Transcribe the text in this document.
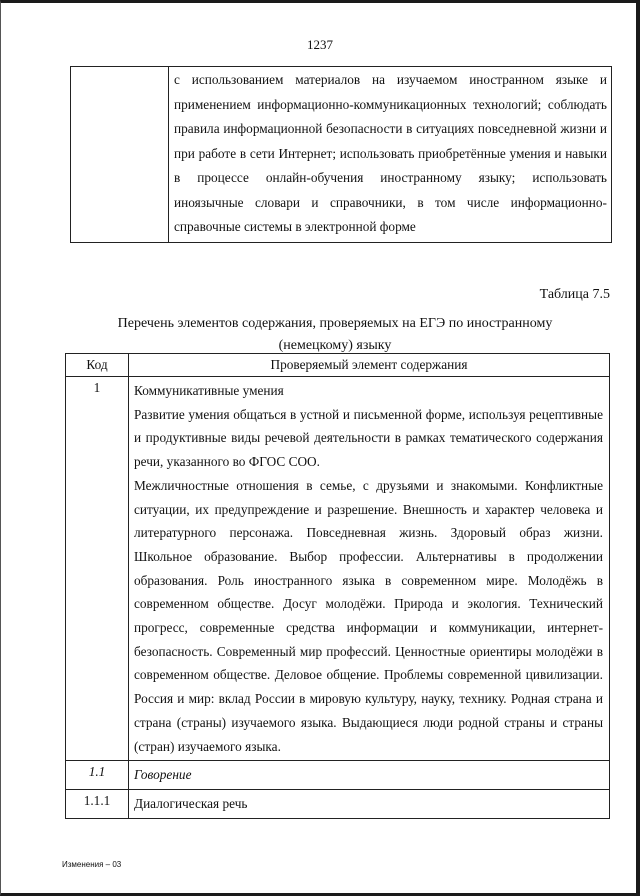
1237
	с использованием материалов на изучаемом иностранном языке и применением информационно-коммуникационных технологий; соблюдать правила информационной безопасности в ситуациях повседневной жизни и при работе в сети Интернет; использовать приобретённые умения и навыки в процессе онлайн-обучения иностранному языку; использовать иноязычные словари и справочники, в том числе информационно-справочные системы в электронной форме
Таблица 7.5
Перечень элементов содержания, проверяемых на ЕГЭ по иностранному (немецкому) языку
Код	Проверяемый элемент содержания
1	Коммуникативные умения

Развитие умения общаться в устной и письменной форме, используя рецептивные и продуктивные виды речевой деятельности в рамках тематического содержания речи, указанного во ФГОС СОО.

Межличностные отношения в семье, с друзьями и знакомыми. Конфликтные ситуации, их предупреждение и разрешение. Внешность и характер человека и литературного персонажа. Повседневная жизнь. Здоровый образ жизни. Школьное образование. Выбор профессии. Альтернативы в продолжении образования. Роль иностранного языка в современном мире. Молодёжь в современном обществе. Досуг молодёжи. Природа и экология. Технический прогресс, современные средства информации и коммуникации, интернет-безопасность. Современный мир профессий. Ценностные ориентиры молодёжи в современном обществе. Деловое общение. Проблемы современной цивилизации. Россия и мир: вклад России в мировую культуру, науку, технику. Родная страна и страна (страны) изучаемого языка. Выдающиеся люди родной страны и страны (стран) изучаемого языка.

1.1	Говорение
1.1.1	Диалогическая речь
Изменения – 03
